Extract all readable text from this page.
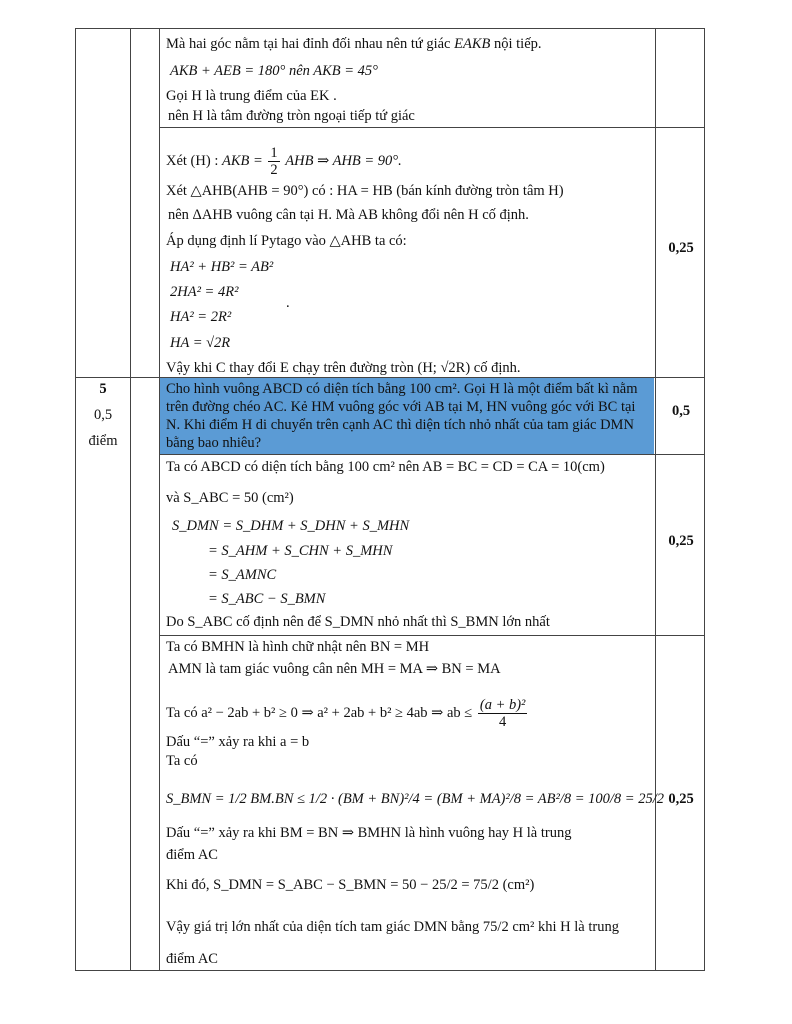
Mà hai góc nằm tại hai đỉnh đối nhau nên tứ giác EAKB nội tiếp.
AKB + AEB = 180° nên AKB = 45°
Gọi H là trung điểm của EK .
nên H là tâm đường tròn ngoại tiếp tứ giác
Xét (H) : AKB = $\frac{1}{2}$ AHB ⇒ AHB = 90°.
Xét △AHB(AHB = 90°) có : HA = HB (bán kính đường tròn tâm H)
nên ΔAHB vuông cân tại H. Mà AB không đổi nên H cố định.
Áp dụng định lí Pytago vào △AHB ta có:
HA² + HB² = AB²
2HA² = 4R²
.
HA² = 2R²
HA = √2R
Vậy khi C thay đổi E chạy trên đường tròn (H; √2R) cố định.
0,25
5
0,5
điểm
Cho hình vuông ABCD có diện tích bằng 100 cm². Gọi H là một điểm bất kì nằm trên đường chéo AC. Kẻ HM vuông góc với AB tại M, HN vuông góc với BC tại N. Khi điểm H di chuyển trên cạnh AC thì diện tích nhỏ nhất của tam giác DMN bằng bao nhiêu?
0,5
Ta có ABCD có diện tích bằng 100 cm² nên AB = BC = CD = CA = 10(cm)
và S_ABC = 50 (cm²)
S_DMN = S_DHM + S_DHN + S_MHN
= S_AHM + S_CHN + S_MHN
= S_AMNC
= S_ABC − S_BMN
Do S_ABC cố định nên để S_DMN nhỏ nhất thì S_BMN lớn nhất
0,25
Ta có BMHN là hình chữ nhật nên BN = MH
AMN là tam giác vuông cân nên MH = MA ⇒ BN = MA
Ta có a² − 2ab + b² ≥ 0 ⇒ a² + 2ab + b² ≥ 4ab ⇒ ab ≤ $\frac{\text{(a + b)²}}{4}$
Dấu “=” xảy ra khi a = b
Ta có
S_BMN = 1/2 BM.BN ≤ 1/2 · (BM + BN)²/4 = (BM + MA)²/8 = AB²/8 = 100/8 = 25/2
Dấu “=” xảy ra khi BM = BN ⇒ BMHN là hình vuông hay H là trung
điểm AC
Khi đó, S_DMN = S_ABC − S_BMN = 50 − 25/2 = 75/2 (cm²)
Vậy giá trị lớn nhất của diện tích tam giác DMN bằng 75/2 cm² khi H là trung
điểm AC
0,25
